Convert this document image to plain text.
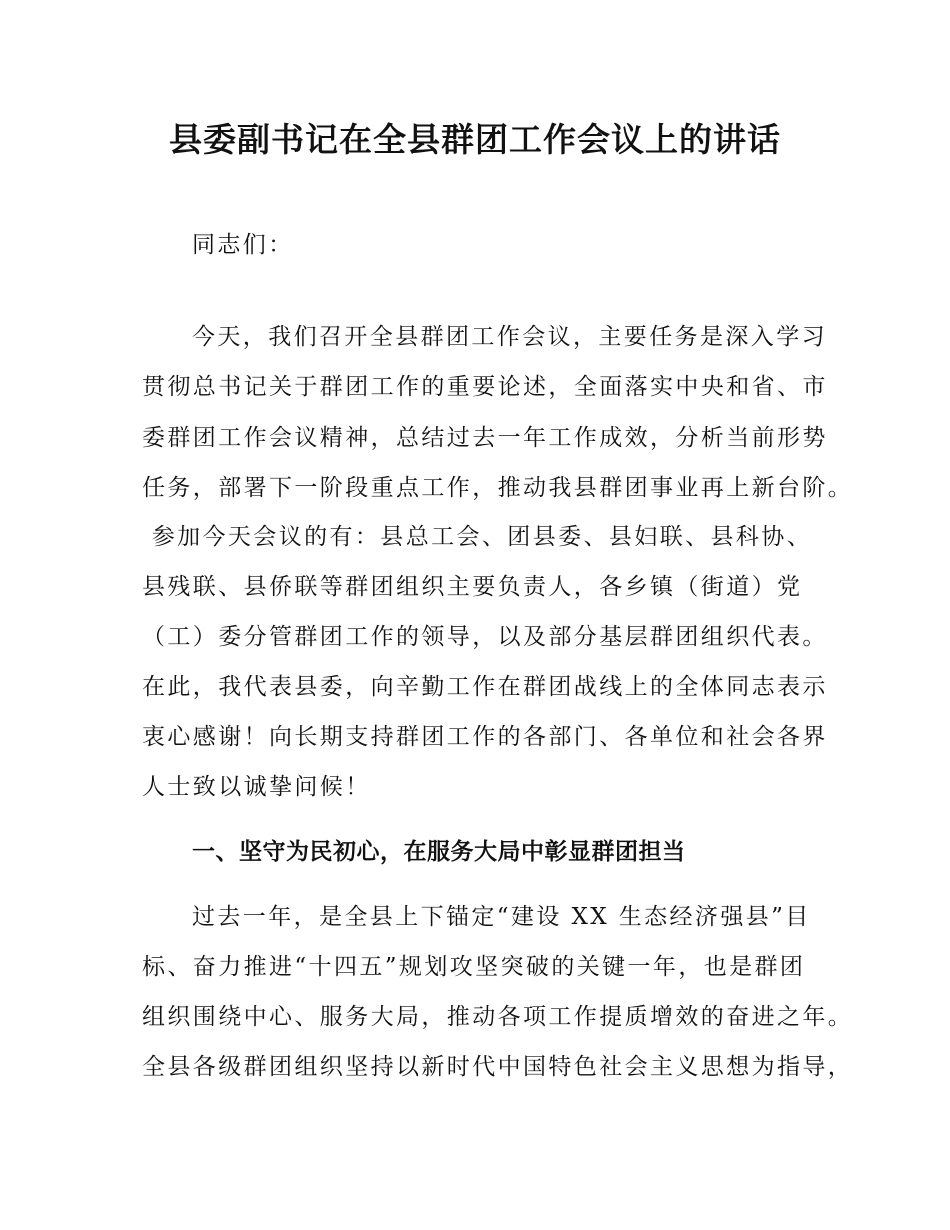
县委副书记在全县群团工作会议上的讲话
同志们：
今天，我们召开全县群团工作会议，主要任务是深入学习
贯彻总书记关于群团工作的重要论述，全面落实中央和省、市
委群团工作会议精神，总结过去一年工作成效，分析当前形势
任务，部署下一阶段重点工作，推动我县群团事业再上新台阶。
参加今天会议的有：县总工会、团县委、县妇联、县科协、
县残联、县侨联等群团组织主要负责人，各乡镇（街道）党
（工）委分管群团工作的领导，以及部分基层群团组织代表。
在此，我代表县委，向辛勤工作在群团战线上的全体同志表示
衷心感谢！向长期支持群团工作的各部门、各单位和社会各界
人士致以诚挚问候！
一、坚守为民初心，在服务大局中彰显群团担当
过去一年，是全县上下锚定“建设 XX 生态经济强县”目
标、奋力推进“十四五”规划攻坚突破的关键一年，也是群团
组织围绕中心、服务大局，推动各项工作提质增效的奋进之年。
全县各级群团组织坚持以新时代中国特色社会主义思想为指导，
